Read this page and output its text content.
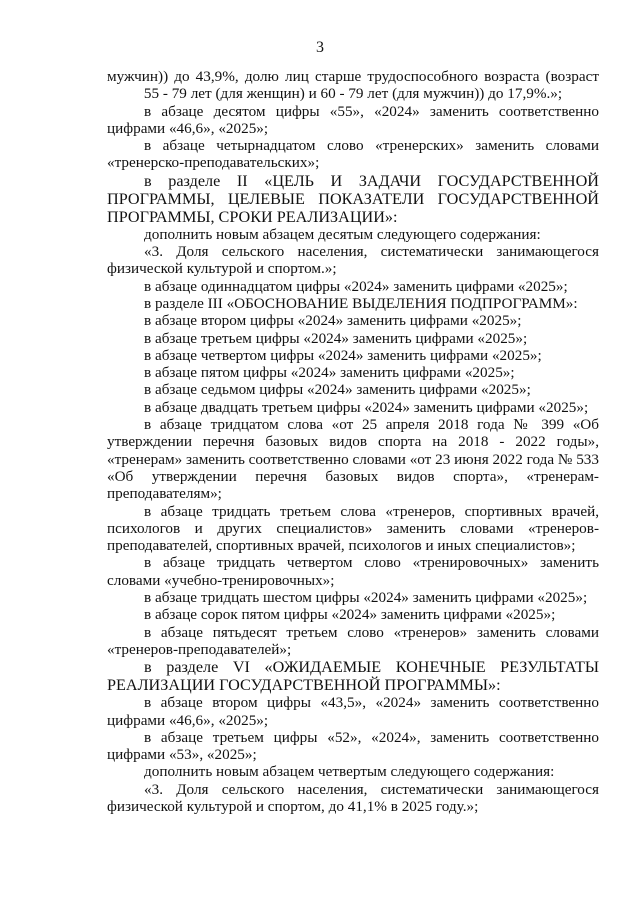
3

мужчин)) до 43,9%, долю лиц старше трудоспособного возраста (возраст

55 - 79 лет (для женщин) и 60 - 79 лет (для мужчин)) до 17,9%.»;

в абзаце десятом цифры «55», «2024» заменить соответственно

цифрами «46,6», «2025»;

в абзаце четырнадцатом слово «тренерских» заменить словами

«тренерско-преподавательских»;

в разделе II «ЦЕЛЬ И ЗАДАЧИ ГОСУДАРСТВЕННОЙ

ПРОГРАММЫ, ЦЕЛЕВЫЕ ПОКАЗАТЕЛИ ГОСУДАРСТВЕННОЙ

ПРОГРАММЫ, СРОКИ РЕАЛИЗАЦИИ»:

дополнить новым абзацем десятым следующего содержания:

«3. Доля сельского населения, систематически занимающегося

физической культурой и спортом.»;

в абзаце одиннадцатом цифры «2024» заменить цифрами «2025»;

в разделе III «ОБОСНОВАНИЕ ВЫДЕЛЕНИЯ ПОДПРОГРАММ»:

в абзаце втором цифры «2024» заменить цифрами «2025»;

в абзаце третьем цифры «2024» заменить цифрами «2025»;

в абзаце четвертом цифры «2024» заменить цифрами «2025»;

в абзаце пятом цифры «2024» заменить цифрами «2025»;

в абзаце седьмом цифры «2024» заменить цифрами «2025»;

в абзаце двадцать третьем цифры «2024» заменить цифрами «2025»;

в абзаце тридцатом слова «от 25 апреля 2018 года № 399 «Об

утверждении перечня базовых видов спорта на 2018 - 2022 годы»,

«тренерам» заменить соответственно словами «от 23 июня 2022 года № 533

«Об утверждении перечня базовых видов спорта», «тренерам-

преподавателям»;

в абзаце тридцать третьем слова «тренеров, спортивных врачей,

психологов и других специалистов» заменить словами «тренеров-

преподавателей, спортивных врачей, психологов и иных специалистов»;

в абзаце тридцать четвертом слово «тренировочных» заменить

словами «учебно-тренировочных»;

в абзаце тридцать шестом цифры «2024» заменить цифрами «2025»;

в абзаце сорок пятом цифры «2024» заменить цифрами «2025»;

в абзаце пятьдесят третьем слово «тренеров» заменить словами

«тренеров-преподавателей»;

в разделе VI «ОЖИДАЕМЫЕ КОНЕЧНЫЕ РЕЗУЛЬТАТЫ

РЕАЛИЗАЦИИ ГОСУДАРСТВЕННОЙ ПРОГРАММЫ»:

в абзаце втором цифры «43,5», «2024» заменить соответственно

цифрами «46,6», «2025»;

в абзаце третьем цифры «52», «2024», заменить соответственно

цифрами «53», «2025»;

дополнить новым абзацем четвертым следующего содержания:

«3. Доля сельского населения, систематически занимающегося

физической культурой и спортом, до 41,1% в 2025 году.»;
